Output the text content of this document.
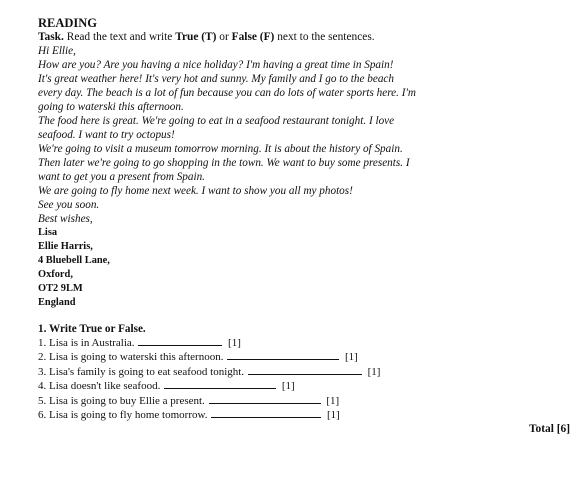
READING

Task. Read the text and write True (T) or False (F) next to the sentences.

Hi Ellie,

How are you? Are you having a nice holiday? I'm having a great time in Spain!

It's great weather here! It's very hot and sunny. My family and I go to the beach every day. The beach is a lot of fun because you can do lots of water sports here. I'm going to waterski this afternoon.

The food here is great. We're going to eat in a seafood restaurant tonight. I love seafood. I want to try octopus!

We're going to visit a museum tomorrow morning. It is about the history of Spain. Then later we're going to go shopping in the town. We want to buy some presents. I want to get you a present from Spain.

We are going to fly home next week. I want to show you all my photos!

See you soon.

Best wishes,

Lisa

Ellie Harris,

4 Bluebell Lane,

Oxford,

OT2 9LM

England

1. Write True or False.
1. Lisa is in Australia.	[1]
2. Lisa is going to waterski this afternoon.	[1]
3. Lisa's family is going to eat seafood tonight.	[1]
4. Lisa doesn't like seafood.	[1]
5. Lisa is going to buy Ellie a present.	[1]
6. Lisa is going to fly home tomorrow.	[1]
Total [6]
